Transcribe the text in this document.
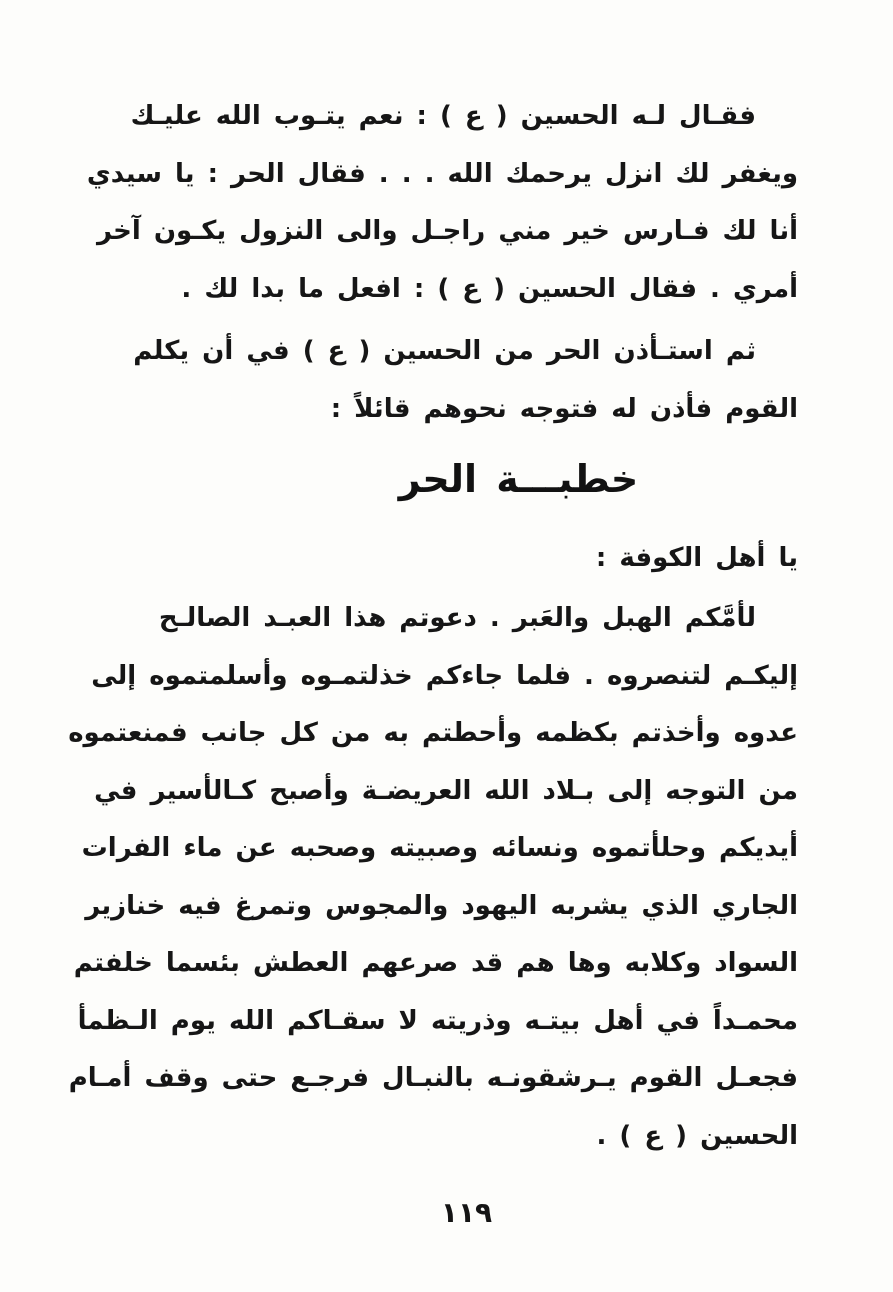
فقـال لـه الحسين ( ع ) : نعم يتـوب الله عليـك
ويغفر لك انزل يرحمك الله . . . فقال الحر : يا سيدي
أنا لك فـارس خير مني راجـل والى النزول يكـون آخر
أمري . فقال الحسين ( ع ) : افعل ما بدا لك .
ثم استـأذن الحر من الحسين ( ع ) في أن يكلم
القوم فأذن له فتوجه نحوهم قائلاً :
خطبـــة الحر
يا أهل الكوفة :
لأمَّكم الهبل والعَبر . دعوتم هذا العبـد الصالـح
إليكـم لتنصروه . فلما جاءكم خذلتمـوه وأسلمتموه إلى
عدوه وأخذتم بكظمه وأحطتم به من كل جانب فمنعتموه
من التوجه إلى بـلاد الله العريضـة وأصبح كـالأسير في
أيديكم وحلأتموه ونسائه وصبيته وصحبه عن ماء الفرات
الجاري الذي يشربه اليهود والمجوس وتمرغ فيه خنازير
السواد وكلابه وها هم قد صرعهم العطش بئسما خلفتم
محمـداً في أهل بيتـه وذريته لا سقـاكم الله يوم الـظمأ
فجعـل القوم يـرشقونـه بالنبـال فرجـع حتى وقف أمـام
الحسين ( ع ) .
١١٩
